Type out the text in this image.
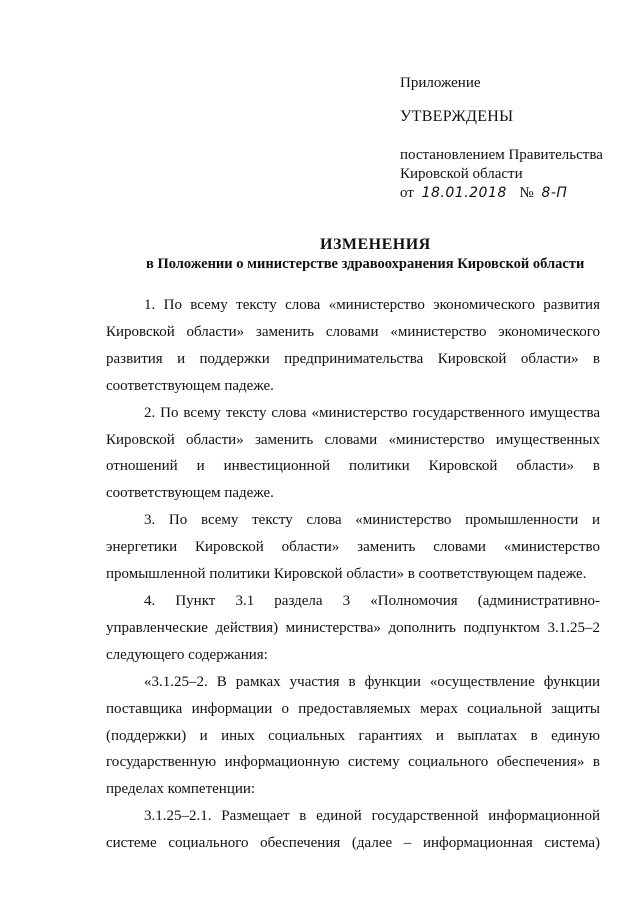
Приложение
УТВЕРЖДЕНЫ
постановлением Правительства
Кировской области
от 18.01.2018 № 8-П
ИЗМЕНЕНИЯ
в Положении о министерстве здравоохранения Кировской области

1. По всему тексту слова «министерство экономического развития Кировской области» заменить словами «министерство экономического развития и поддержки предпринимательства Кировской области» в соответствующем падеже.

2. По всему тексту слова «министерство государственного имущества Кировской области» заменить словами «министерство имущественных отношений и инвестиционной политики Кировской области» в соответствующем падеже.

3. По всему тексту слова «министерство промышленности и энергетики Кировской области» заменить словами «министерство промышленной политики Кировской области» в соответствующем падеже.

4. Пункт 3.1 раздела 3 «Полномочия (административно-управленческие действия) министерства» дополнить подпунктом 3.1.25–2 следующего содержания:

«3.1.25–2. В рамках участия в функции «осуществление функции поставщика информации о предоставляемых мерах социальной защиты (поддержки) и иных социальных гарантиях и выплатах в единую государственную информационную систему социального обеспечения» в пределах компетенции:

3.1.25–2.1. Размещает в единой государственной информационной системе социального обеспечения (далее – информационная система)
